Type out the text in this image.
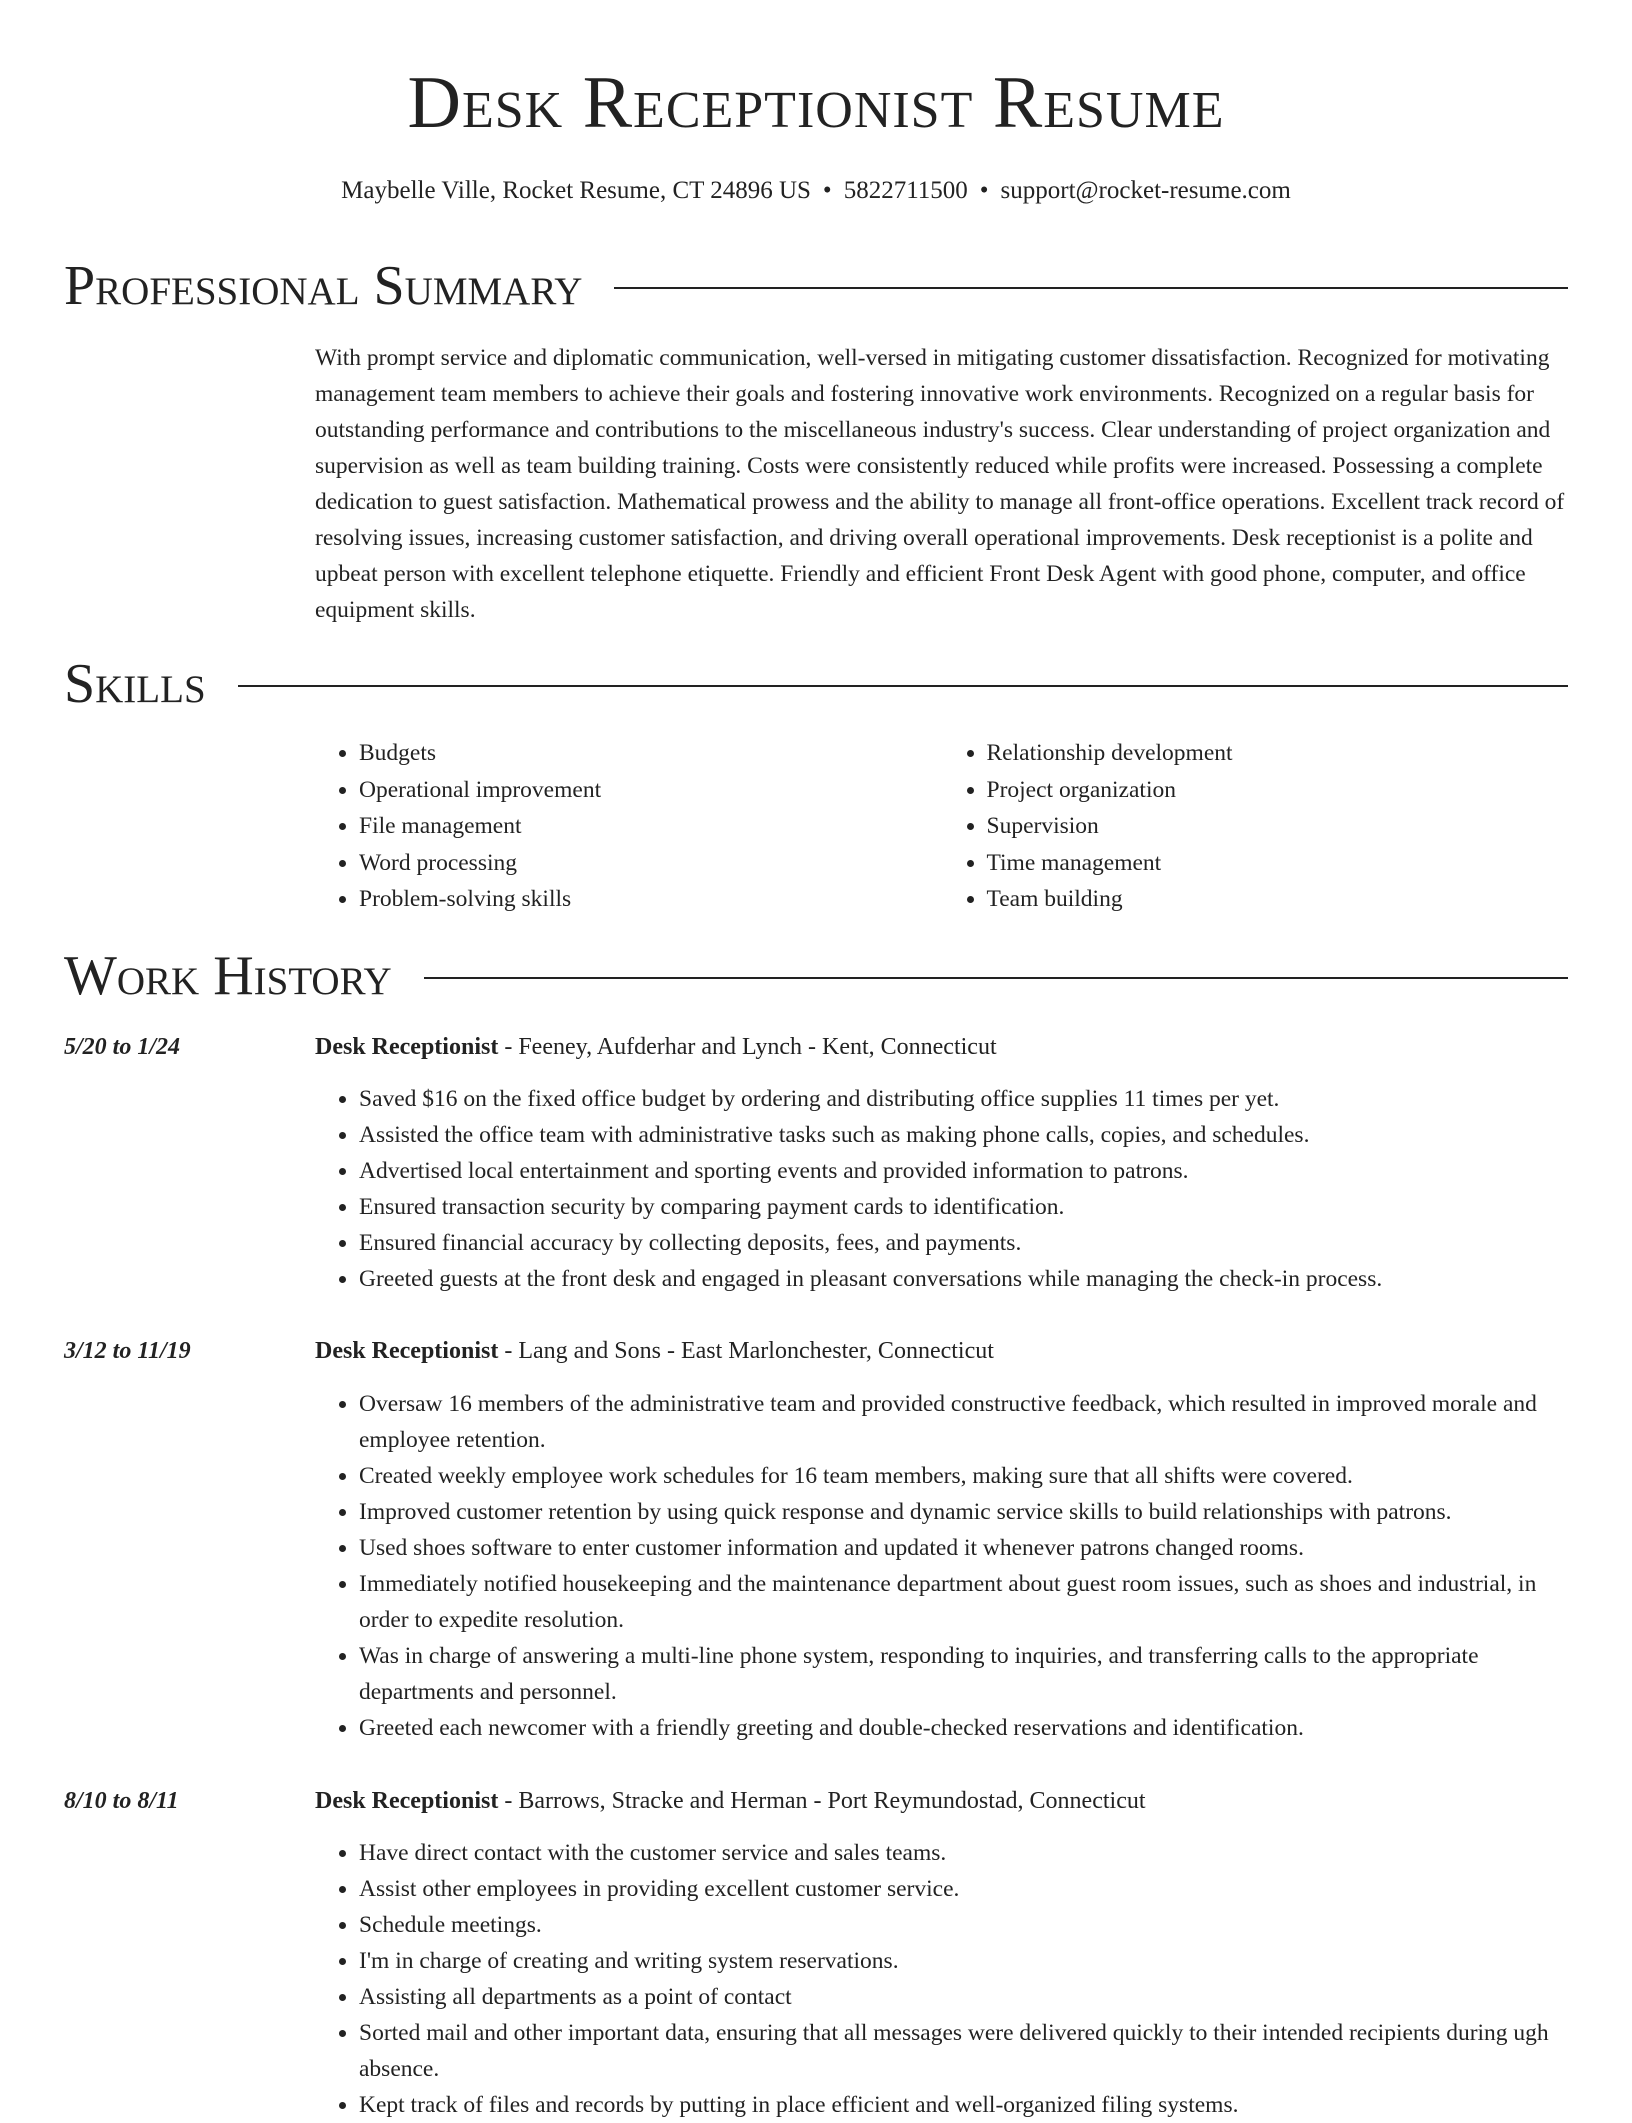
Desk Receptionist Resume
Maybelle Ville, Rocket Resume, CT 24896 US • 5822711500 • support@rocket-resume.com
Professional Summary

With prompt service and diplomatic communication, well-versed in mitigating customer dissatisfaction. Recognized for motivating management team members to achieve their goals and fostering innovative work environments. Recognized on a regular basis for outstanding performance and contributions to the miscellaneous industry's success. Clear understanding of project organization and supervision as well as team building training. Costs were consistently reduced while profits were increased. Possessing a complete dedication to guest satisfaction. Mathematical prowess and the ability to manage all front-office operations. Excellent track record of resolving issues, increasing customer satisfaction, and driving overall operational improvements. Desk receptionist is a polite and upbeat person with excellent telephone etiquette. Friendly and efficient Front Desk Agent with good phone, computer, and office equipment skills.

Skills
• Budgets
• Operational improvement
• File management
• Word processing
• Problem-solving skills
• Relationship development
• Project organization
• Supervision
• Time management
• Team building
Work History
5/20 to 1/24	Desk Receptionist - Feeney, Aufderhar and Lynch - Kent, Connecticut
• Saved $16 on the fixed office budget by ordering and distributing office supplies 11 times per yet.
• Assisted the office team with administrative tasks such as making phone calls, copies, and schedules.
• Advertised local entertainment and sporting events and provided information to patrons.
• Ensured transaction security by comparing payment cards to identification.
• Ensured financial accuracy by collecting deposits, fees, and payments.
• Greeted guests at the front desk and engaged in pleasant conversations while managing the check-in process.
3/12 to 11/19	Desk Receptionist - Lang and Sons - East Marlonchester, Connecticut
• Oversaw 16 members of the administrative team and provided constructive feedback, which resulted in improved morale and employee retention.
• Created weekly employee work schedules for 16 team members, making sure that all shifts were covered.
• Improved customer retention by using quick response and dynamic service skills to build relationships with patrons.
• Used shoes software to enter customer information and updated it whenever patrons changed rooms.
• Immediately notified housekeeping and the maintenance department about guest room issues, such as shoes and industrial, in order to expedite resolution.
• Was in charge of answering a multi-line phone system, responding to inquiries, and transferring calls to the appropriate departments and personnel.
• Greeted each newcomer with a friendly greeting and double-checked reservations and identification.
8/10 to 8/11	Desk Receptionist - Barrows, Stracke and Herman - Port Reymundostad, Connecticut
• Have direct contact with the customer service and sales teams.
• Assist other employees in providing excellent customer service.
• Schedule meetings.
• I'm in charge of creating and writing system reservations.
• Assisting all departments as a point of contact
• Sorted mail and other important data, ensuring that all messages were delivered quickly to their intended recipients during ugh absence.
• Kept track of files and records by putting in place efficient and well-organized filing systems.
